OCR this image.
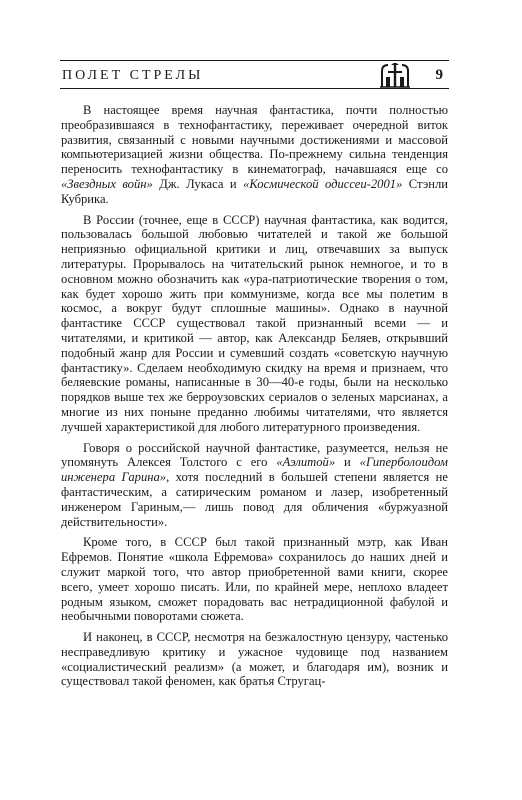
ПОЛЕТ СТРЕЛЫ	9

В настоящее время научная фантастика, почти полностью преобразившаяся в технофантастику, переживает очередной виток развития, связанный с новыми научными достижениями и массовой компьютеризацией жизни общества. По-прежнему сильна тенденция переносить технофантастику в кинематограф, начавшаяся еще со «Звездных войн» Дж. Лукаса и «Космической одиссеи-2001» Стэнли Кубрика.

В России (точнее, еще в СССР) научная фантастика, как водится, пользовалась большой любовью читателей и такой же большой неприязнью официальной критики и лиц, отвечавших за выпуск литературы. Прорывалось на читательский рынок немногое, и то в основном можно обозначить как «ура-патриотические творения о том, как будет хорошо жить при коммунизме, когда все мы полетим в космос, а вокруг будут сплошные машины». Однако в научной фантастике СССР существовал такой признанный всеми — и читателями, и критикой — автор, как Александр Беляев, открывший подобный жанр для России и сумевший создать «советскую научную фантастику». Сделаем необходимую скидку на время и признаем, что беляевские романы, написанные в 30—40-е годы, были на несколько порядков выше тех же берроузовских сериалов о зеленых марсианах, а многие из них поныне преданно любимы читателями, что является лучшей характеристикой для любого литературного произведения.

Говоря о российской научной фантастике, разумеется, нельзя не упомянуть Алексея Толстого с его «Аэлитой» и «Гиперболоидом инженера Гарина», хотя последний в большей степени является не фантастическим, а сатирическим романом и лазер, изобретенный инженером Гариным,— лишь повод для обличения «буржуазной действительности».

Кроме того, в СССР был такой признанный мэтр, как Иван Ефремов. Понятие «школа Ефремова» сохранилось до наших дней и служит маркой того, что автор приобретенной вами книги, скорее всего, умеет хорошо писать. Или, по крайней мере, неплохо владеет родным языком, сможет порадовать вас нетрадиционной фабулой и необычными поворотами сюжета.

И наконец, в СССР, несмотря на безжалостную цензуру, частенько несправедливую критику и ужасное чудовище под названием «социалистический реализм» (а может, и благодаря им), возник и существовал такой феномен, как братья Стругац-
